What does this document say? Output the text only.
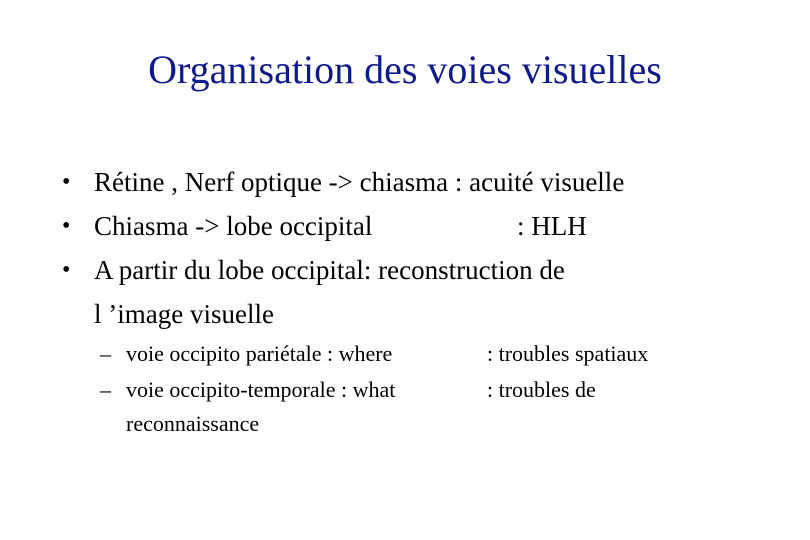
Organisation des voies visuelles
• Rétine , Nerf optique -> chiasma : acuité visuelle
• Chiasma -> lobe occipital	: HLH
• A partir du lobe occipital: reconstruction de
l ’image visuelle
– voie occipito pariétale : where	: troubles spatiaux
– voie occipito-temporale : what	: troubles de
reconnaissance
